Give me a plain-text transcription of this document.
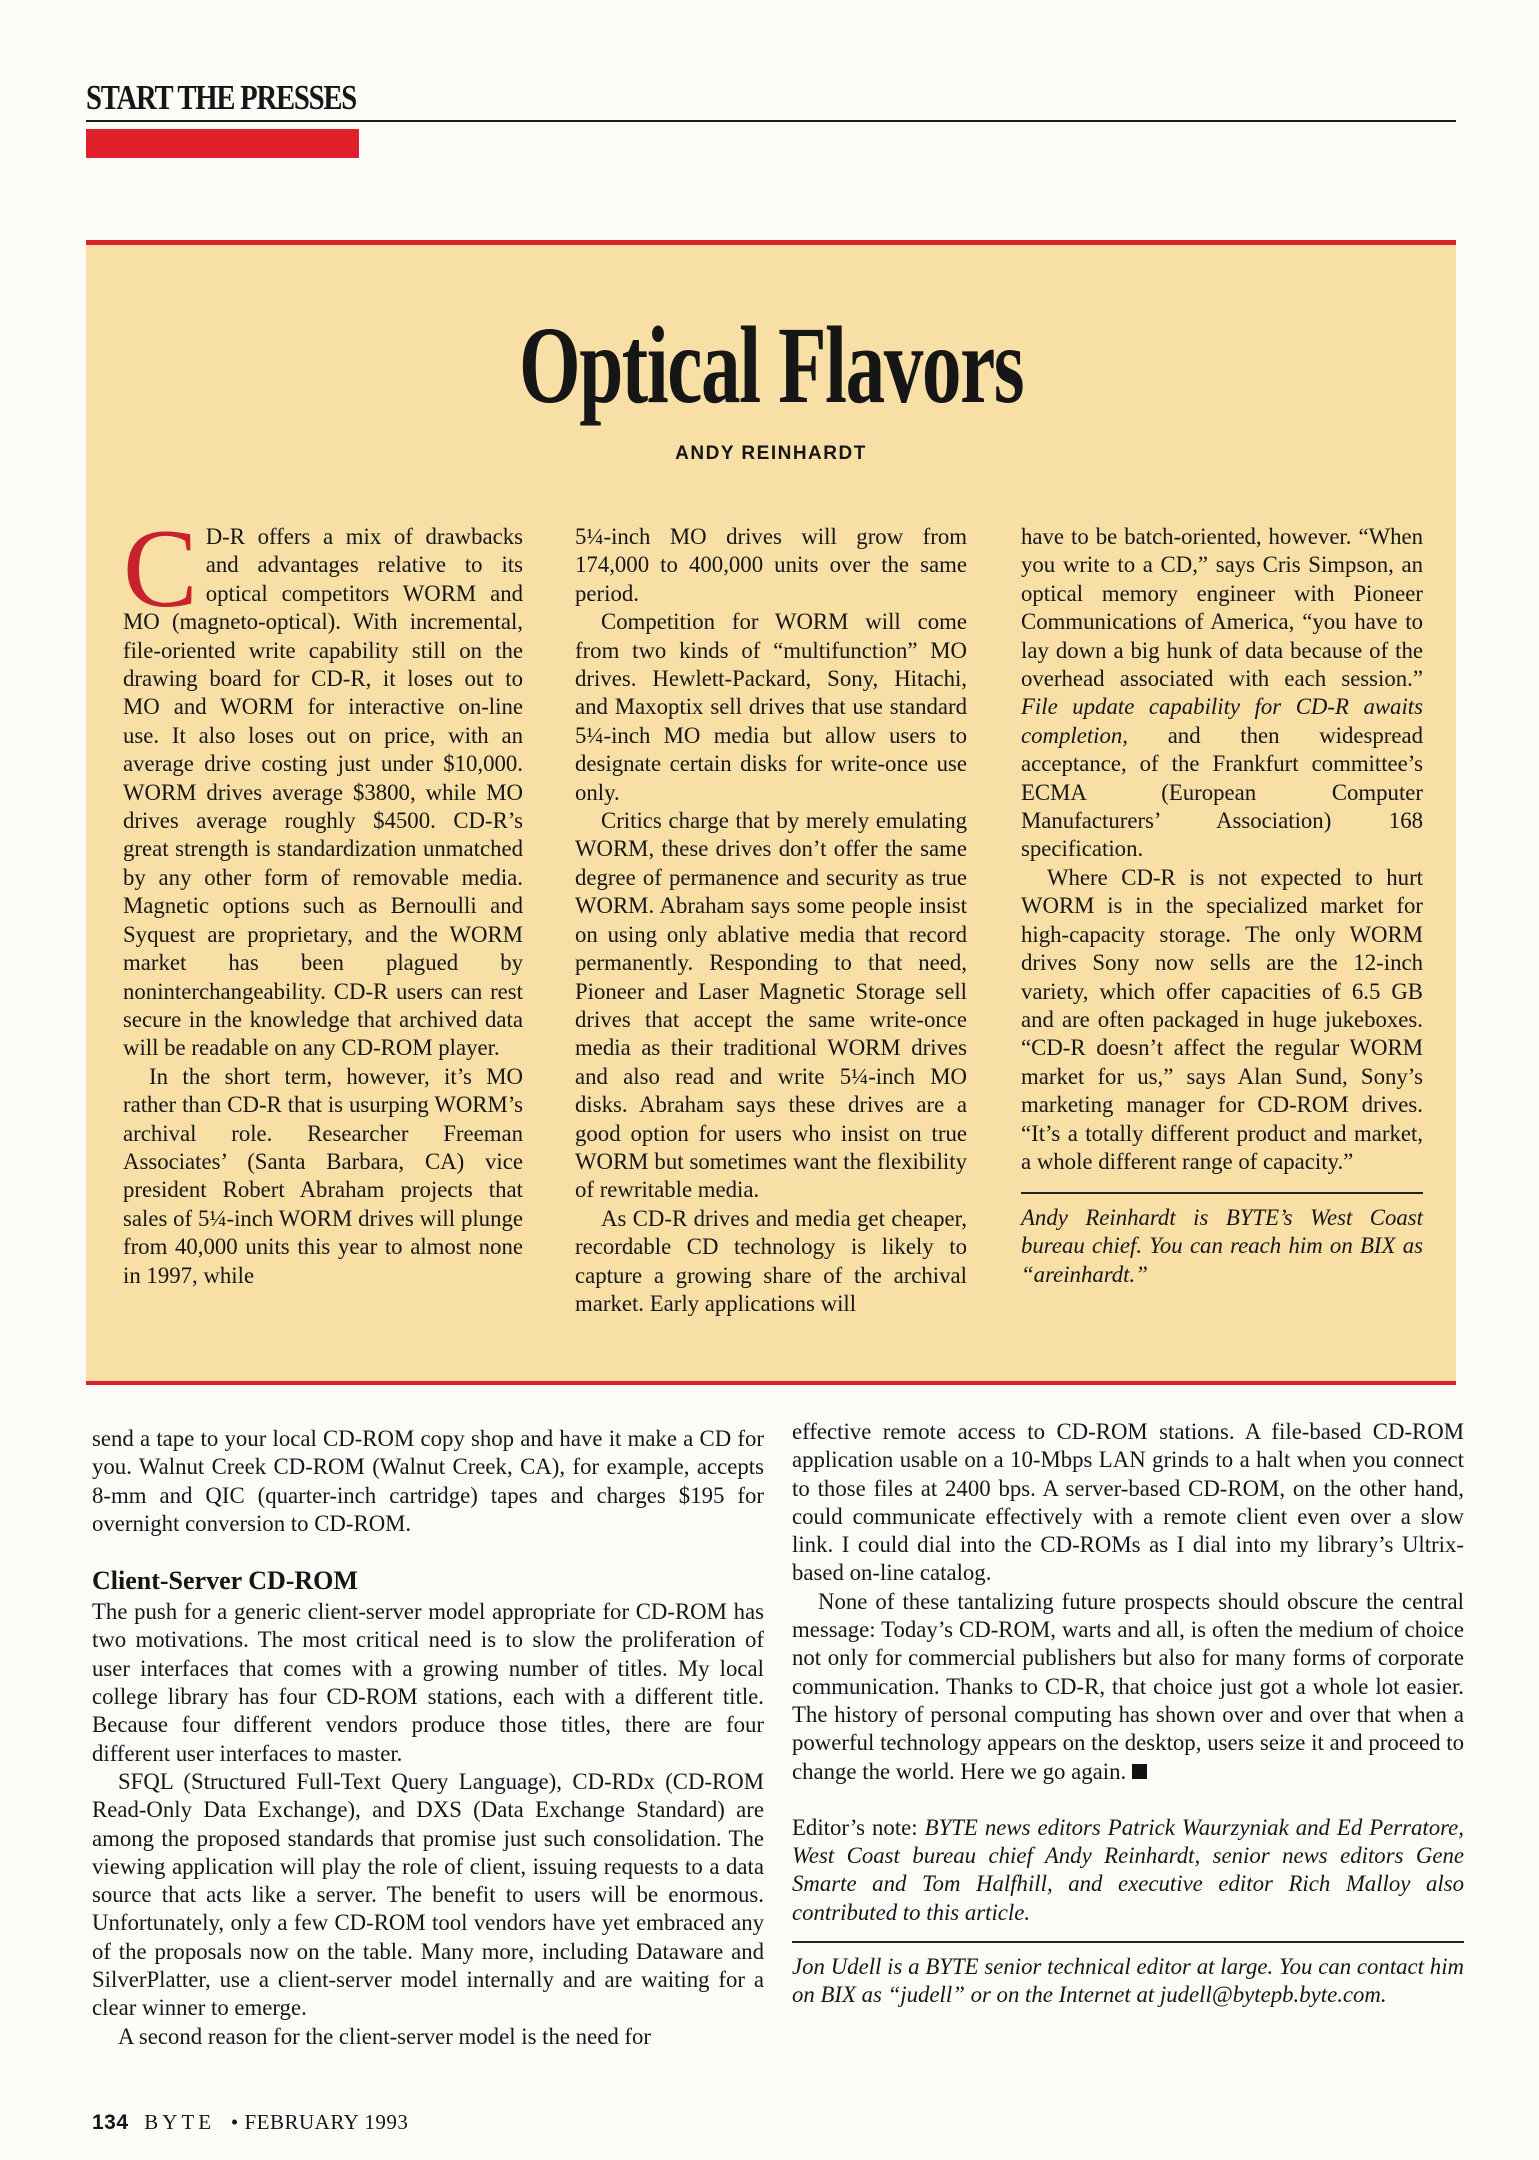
START THE PRESSES
Optical Flavors
ANDY REINHARDT

C D-R offers a mix of drawbacks and advantages relative to its optical competitors WORM and MO (magneto-optical). With incremental, file-oriented write capability still on the drawing board for CD-R, it loses out to MO and WORM for interactive on-line use. It also loses out on price, with an average drive costing just under $10,000. WORM drives average $3800, while MO drives average roughly $4500. CD-R’s great strength is standardization unmatched by any other form of removable media. Magnetic options such as Bernoulli and Syquest are proprietary, and the WORM market has been plagued by noninterchangeability. CD-R users can rest secure in the knowledge that archived data will be readable on any CD-ROM player.

In the short term, however, it’s MO rather than CD-R that is usurping WORM’s archival role. Researcher Freeman Associates’ (Santa Barbara, CA) vice president Robert Abraham projects that sales of 5¼-inch WORM drives will plunge from 40,000 units this year to almost none in 1997, while

5¼-inch MO drives will grow from 174,000 to 400,000 units over the same period.

Competition for WORM will come from two kinds of “multifunction” MO drives. Hewlett-Packard, Sony, Hitachi, and Maxoptix sell drives that use standard 5¼-inch MO media but allow users to designate certain disks for write-once use only.

Critics charge that by merely emulating WORM, these drives don’t offer the same degree of permanence and security as true WORM. Abraham says some people insist on using only ablative media that record permanently. Responding to that need, Pioneer and Laser Magnetic Storage sell drives that accept the same write-once media as their traditional WORM drives and also read and write 5¼-inch MO disks. Abraham says these drives are a good option for users who insist on true WORM but sometimes want the flexibility of rewritable media.

As CD-R drives and media get cheaper, recordable CD technology is likely to capture a growing share of the archival market. Early applications will

have to be batch-oriented, however. “When you write to a CD,” says Cris Simpson, an optical memory engineer with Pioneer Communications of America, “you have to lay down a big hunk of data because of the overhead associated with each session.” File update capability for CD-R awaits completion, and then widespread acceptance, of the Frankfurt committee’s ECMA (European Computer Manufacturers’ Association) 168 specification.

Where CD-R is not expected to hurt WORM is in the specialized market for high-capacity storage. The only WORM drives Sony now sells are the 12-inch variety, which offer capacities of 6.5 GB and are often packaged in huge jukeboxes. “CD-R doesn’t affect the regular WORM market for us,” says Alan Sund, Sony’s marketing manager for CD-ROM drives. “It’s a totally different product and market, a whole different range of capacity.”

Andy Reinhardt is BYTE’s West Coast bureau chief. You can reach him on BIX as “areinhardt.”

send a tape to your local CD-ROM copy shop and have it make a CD for you. Walnut Creek CD-ROM (Walnut Creek, CA), for example, accepts 8-mm and QIC (quarter-inch cartridge) tapes and charges $195 for overnight conversion to CD-ROM.

Client-Server CD-ROM

The push for a generic client-server model appropriate for CD-ROM has two motivations. The most critical need is to slow the proliferation of user interfaces that comes with a growing number of titles. My local college library has four CD-ROM stations, each with a different title. Because four different vendors produce those titles, there are four different user interfaces to master.

SFQL (Structured Full-Text Query Language), CD-RDx (CD-ROM Read-Only Data Exchange), and DXS (Data Exchange Standard) are among the proposed standards that promise just such consolidation. The viewing application will play the role of client, issuing requests to a data source that acts like a server. The benefit to users will be enormous. Unfortunately, only a few CD-ROM tool vendors have yet embraced any of the proposals now on the table. Many more, including Dataware and SilverPlatter, use a client-server model internally and are waiting for a clear winner to emerge.

A second reason for the client-server model is the need for

effective remote access to CD-ROM stations. A file-based CD-ROM application usable on a 10-Mbps LAN grinds to a halt when you connect to those files at 2400 bps. A server-based CD-ROM, on the other hand, could communicate effectively with a remote client even over a slow link. I could dial into the CD-ROMs as I dial into my library’s Ultrix-based on-line catalog.

None of these tantalizing future prospects should obscure the central message: Today’s CD-ROM, warts and all, is often the medium of choice not only for commercial publishers but also for many forms of corporate communication. Thanks to CD-R, that choice just got a whole lot easier. The history of personal computing has shown over and over that when a powerful technology appears on the desktop, users seize it and proceed to change the world. Here we go again.

Editor’s note: BYTE news editors Patrick Waurzyniak and Ed Perratore, West Coast bureau chief Andy Reinhardt, senior news editors Gene Smarte and Tom Halfhill, and executive editor Rich Malloy also contributed to this article.

Jon Udell is a BYTE senior technical editor at large. You can contact him on BIX as “judell” or on the Internet at judell@bytepb.byte.com.

134 BYTE • FEBRUARY 1993
